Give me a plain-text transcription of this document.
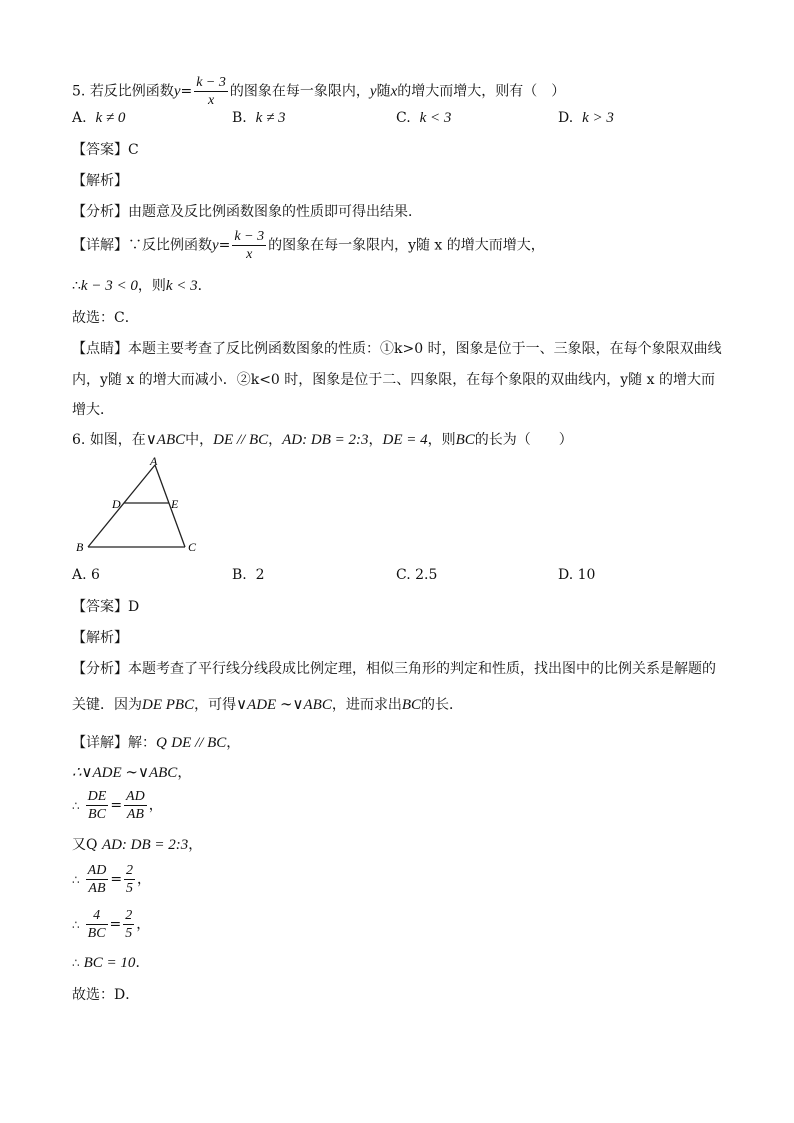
5. 若反比例函数$y= \frac{k - 3}{x}$ 的图象在每一象限内，y随x的增大而增大，则有（　）
A. k ≠ 0	B. k ≠ 3	C. k < 3	D. k > 3
【答案】C
【解析】
【分析】由题意及反比例函数图象的性质即可得出结果．
【详解】∵反比例函数$y= \frac{k - 3}{x}$ 的图象在每一象限内，y随 x 的增大而增大，
∴k − 3 < 0，则k < 3．
故选：C．
【点睛】本题主要考查了反比例函数图象的性质：①k>0 时，图象是位于一、三象限，在每个象限双曲线
内，y随 x 的增大而减小．②k<0 时，图象是位于二、四象限，在每个象限的双曲线内，y随 x 的增大而
增大．
6. 如图，在∨ABC中，DE // BC，AD: DB = 2:3，DE = 4，则BC的长为（　　）
A
D	E
B	C
A. 6	B. 2	C. 2.5	D. 10
【答案】D
【解析】
【分析】本题考查了平行线分线段成比例定理，相似三角形的判定和性质，找出图中的比例关系是解题的
关键．因为DE PBC，可得∨ADE ∼∨ABC，进而求出BC的长．
【详解】解：Q DE // BC，
∴∨ADE ∼∨ABC，
∴ $\frac{DE}{BC} = \frac{AD}{AB}$ ，
又Q AD: DB = 2:3，
∴ $\frac{AD}{AB} = \frac{2}{5}$ ，
∴ $\frac{4}{BC} = \frac{2}{5}$ ，
∴ BC = 10．
故选：D．
